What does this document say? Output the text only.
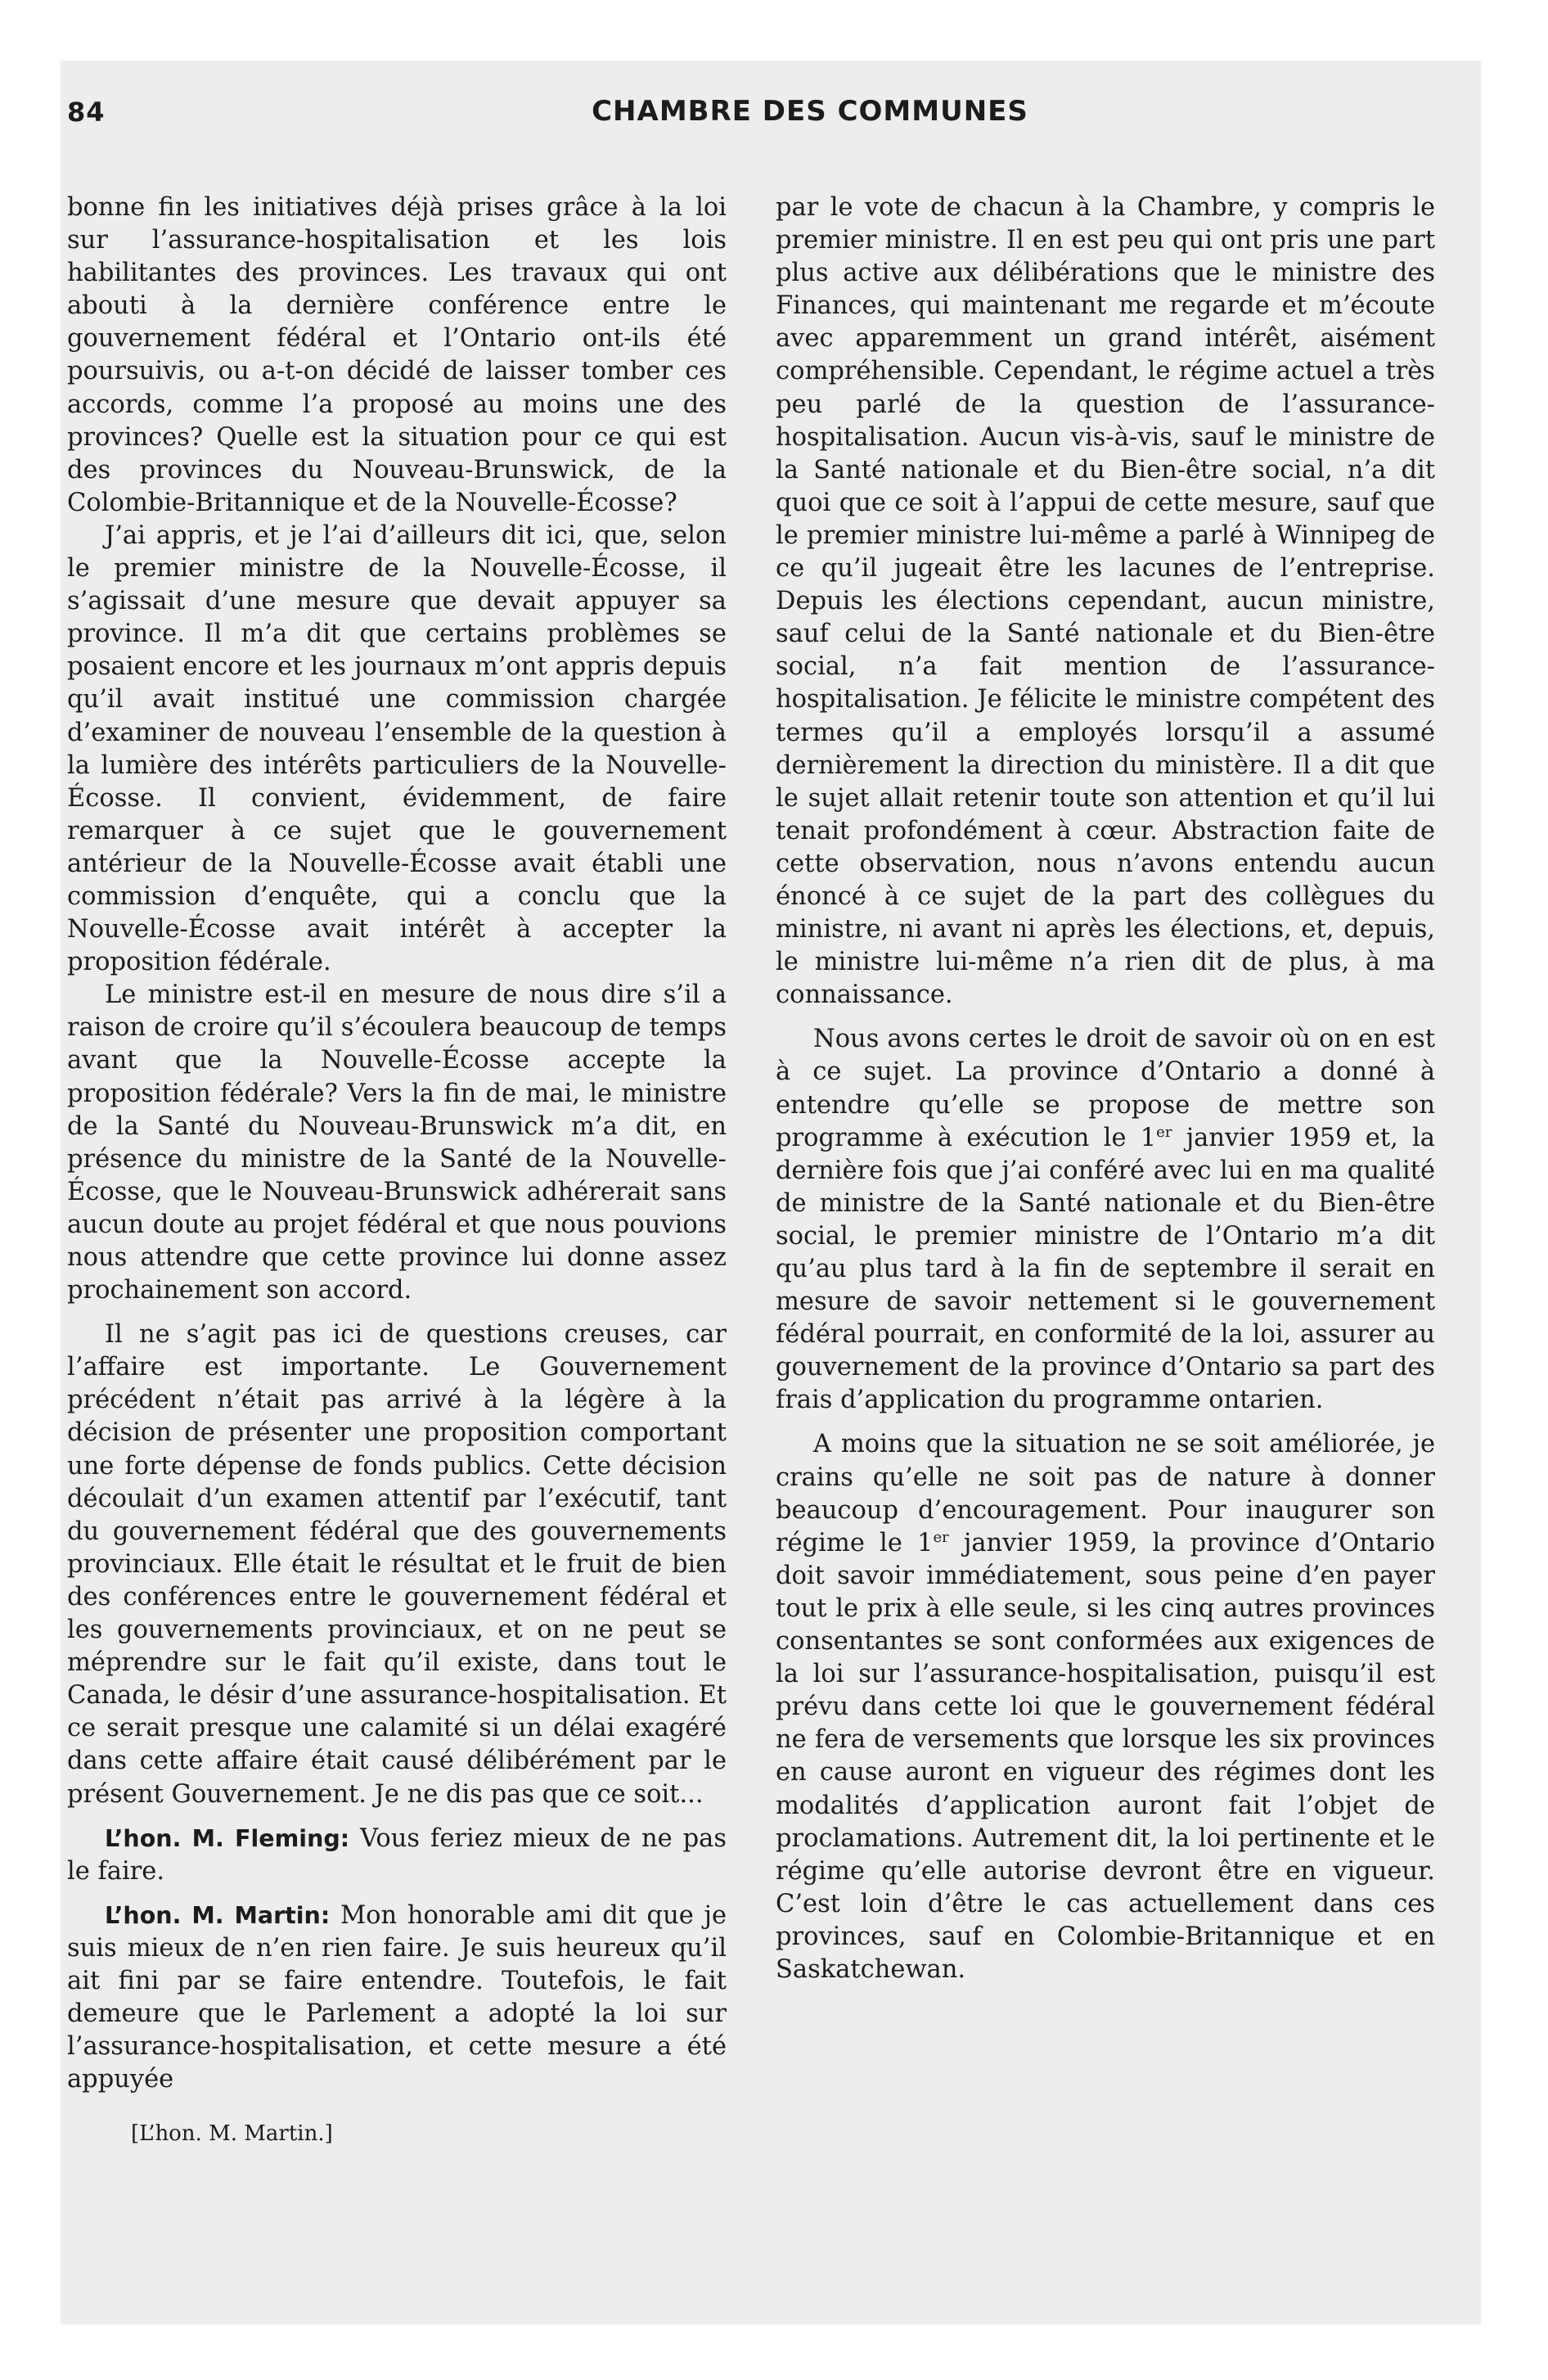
84	CHAMBRE DES COMMUNES

bonne fin les initiatives déjà prises grâce à la loi sur l’assurance-hospitalisation et les lois habilitantes des provinces. Les travaux qui ont abouti à la dernière conférence entre le gouvernement fédéral et l’Ontario ont-ils été poursuivis, ou a-t-on décidé de laisser tomber ces accords, comme l’a proposé au moins une des provinces? Quelle est la situation pour ce qui est des provinces du Nouveau-Brunswick, de la Colombie-Britannique et de la Nouvelle-Écosse?

J’ai appris, et je l’ai d’ailleurs dit ici, que, selon le premier ministre de la Nouvelle-Écosse, il s’agissait d’une mesure que devait appuyer sa province. Il m’a dit que certains problèmes se posaient encore et les journaux m’ont appris depuis qu’il avait institué une commission chargée d’examiner de nouveau l’ensemble de la question à la lumière des intérêts particuliers de la Nouvelle-Écosse. Il convient, évidemment, de faire remarquer à ce sujet que le gouvernement antérieur de la Nouvelle-Écosse avait établi une commission d’enquête, qui a conclu que la Nouvelle-Écosse avait intérêt à accepter la proposition fédérale.

Le ministre est-il en mesure de nous dire s’il a raison de croire qu’il s’écoulera beaucoup de temps avant que la Nouvelle-Écosse accepte la proposition fédérale? Vers la fin de mai, le ministre de la Santé du Nouveau-Brunswick m’a dit, en présence du ministre de la Santé de la Nouvelle-Écosse, que le Nouveau-Brunswick adhérerait sans aucun doute au projet fédéral et que nous pouvions nous attendre que cette province lui donne assez prochainement son accord.

Il ne s’agit pas ici de questions creuses, car l’affaire est importante. Le Gouvernement précédent n’était pas arrivé à la légère à la décision de présenter une proposition comportant une forte dépense de fonds publics. Cette décision découlait d’un examen attentif par l’exécutif, tant du gouvernement fédéral que des gouvernements provinciaux. Elle était le résultat et le fruit de bien des conférences entre le gouvernement fédéral et les gouvernements provinciaux, et on ne peut se méprendre sur le fait qu’il existe, dans tout le Canada, le désir d’une assurance-hospitalisation. Et ce serait presque une calamité si un délai exagéré dans cette affaire était causé délibérément par le présent Gouvernement. Je ne dis pas que ce soit...

L’hon. M. Fleming: Vous feriez mieux de ne pas le faire.

L’hon. M. Martin: Mon honorable ami dit que je suis mieux de n’en rien faire. Je suis heureux qu’il ait fini par se faire entendre. Toutefois, le fait demeure que le Parlement a adopté la loi sur l’assurance-hospitalisation, et cette mesure a été appuyée

[L’hon. M. Martin.]

par le vote de chacun à la Chambre, y compris le premier ministre. Il en est peu qui ont pris une part plus active aux délibérations que le ministre des Finances, qui maintenant me regarde et m’écoute avec apparemment un grand intérêt, aisément compréhensible. Cependant, le régime actuel a très peu parlé de la question de l’assurance-hospitalisation. Aucun vis-à-vis, sauf le ministre de la Santé nationale et du Bien-être social, n’a dit quoi que ce soit à l’appui de cette mesure, sauf que le premier ministre lui-même a parlé à Winnipeg de ce qu’il jugeait être les lacunes de l’entreprise. Depuis les élections cependant, aucun ministre, sauf celui de la Santé nationale et du Bien-être social, n’a fait mention de l’assurance-hospitalisation. Je félicite le ministre compétent des termes qu’il a employés lorsqu’il a assumé dernièrement la direction du ministère. Il a dit que le sujet allait retenir toute son attention et qu’il lui tenait profondément à cœur. Abstraction faite de cette observation, nous n’avons entendu aucun énoncé à ce sujet de la part des collègues du ministre, ni avant ni après les élections, et, depuis, le ministre lui-même n’a rien dit de plus, à ma connaissance.

Nous avons certes le droit de savoir où on en est à ce sujet. La province d’Ontario a donné à entendre qu’elle se propose de mettre son programme à exécution le 1er janvier 1959 et, la dernière fois que j’ai conféré avec lui en ma qualité de ministre de la Santé nationale et du Bien-être social, le premier ministre de l’Ontario m’a dit qu’au plus tard à la fin de septembre il serait en mesure de savoir nettement si le gouvernement fédéral pourrait, en conformité de la loi, assurer au gouvernement de la province d’Ontario sa part des frais d’application du programme ontarien.

A moins que la situation ne se soit améliorée, je crains qu’elle ne soit pas de nature à donner beaucoup d’encouragement. Pour inaugurer son régime le 1er janvier 1959, la province d’Ontario doit savoir immédiatement, sous peine d’en payer tout le prix à elle seule, si les cinq autres provinces consentantes se sont conformées aux exigences de la loi sur l’assurance-hospitalisation, puisqu’il est prévu dans cette loi que le gouvernement fédéral ne fera de versements que lorsque les six provinces en cause auront en vigueur des régimes dont les modalités d’application auront fait l’objet de proclamations. Autrement dit, la loi pertinente et le régime qu’elle autorise devront être en vigueur. C’est loin d’être le cas actuellement dans ces provinces, sauf en Colombie-Britannique et en Saskatchewan.
